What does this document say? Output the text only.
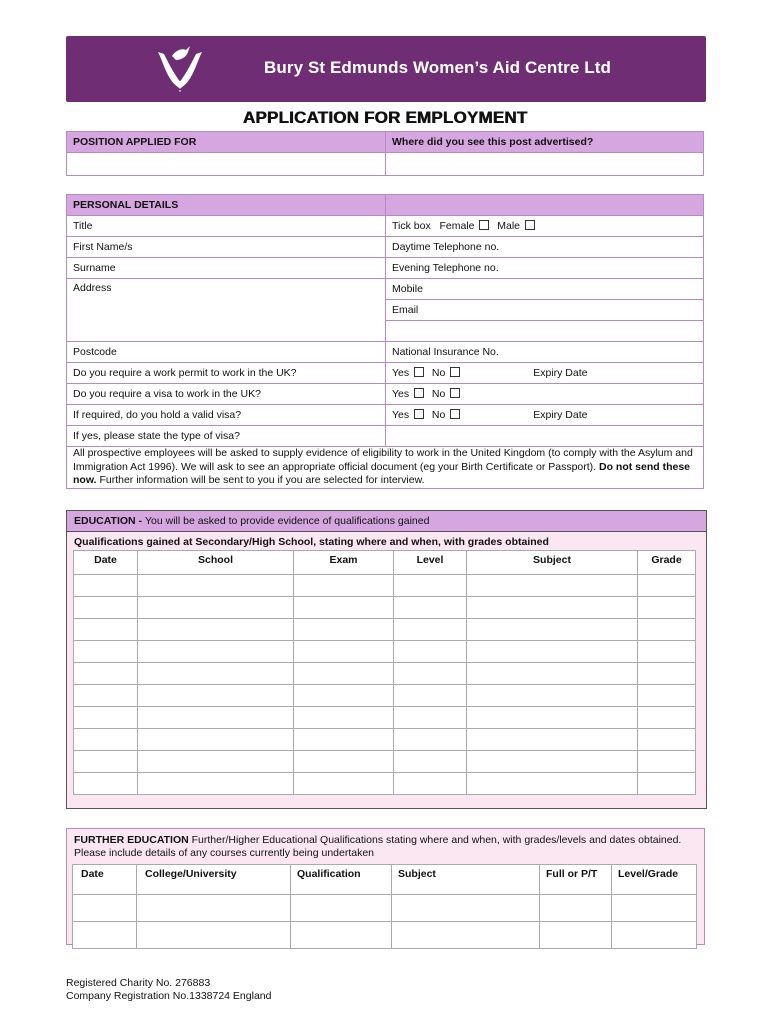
Bury St Edmunds Women’s Aid Centre Ltd
APPLICATION FOR EMPLOYMENT
POSITION APPLIED FOR	Where did you see this post advertised?

PERSONAL DETAILS	
Title	Tick box Female Male
First Name/s	Daytime Telephone no.
Surname	Evening Telephone no.
Address	Mobile
	Email

Postcode	National Insurance No.
Do you require a work permit to work in the UK?	Yes No Expiry Date
Do you require a visa to work in the UK?	Yes No
If required, do you hold a valid visa?	Yes No Expiry Date
If yes, please state the type of visa?	
All prospective employees will be asked to supply evidence of eligibility to work in the United Kingdom (to comply with the Asylum and Immigration Act 1996). We will ask to see an appropriate official document (eg your Birth Certificate or Passport). Do not send these now. Further information will be sent to you if you are selected for interview.	
EDUCATION - You will be asked to provide evidence of qualifications gained
Qualifications gained at Secondary/High School, stating where and when, with grades obtained
Date	School	Exam	Level	Subject	Grade

FURTHER EDUCATION Further/Higher Educational Qualifications stating where and when, with grades/levels and dates obtained. Please include details of any courses currently being undertaken
Date	College/University	Qualification	Subject	Full or P/T	Level/Grade

Registered Charity No. 276883
Company Registration No.1338724 England
